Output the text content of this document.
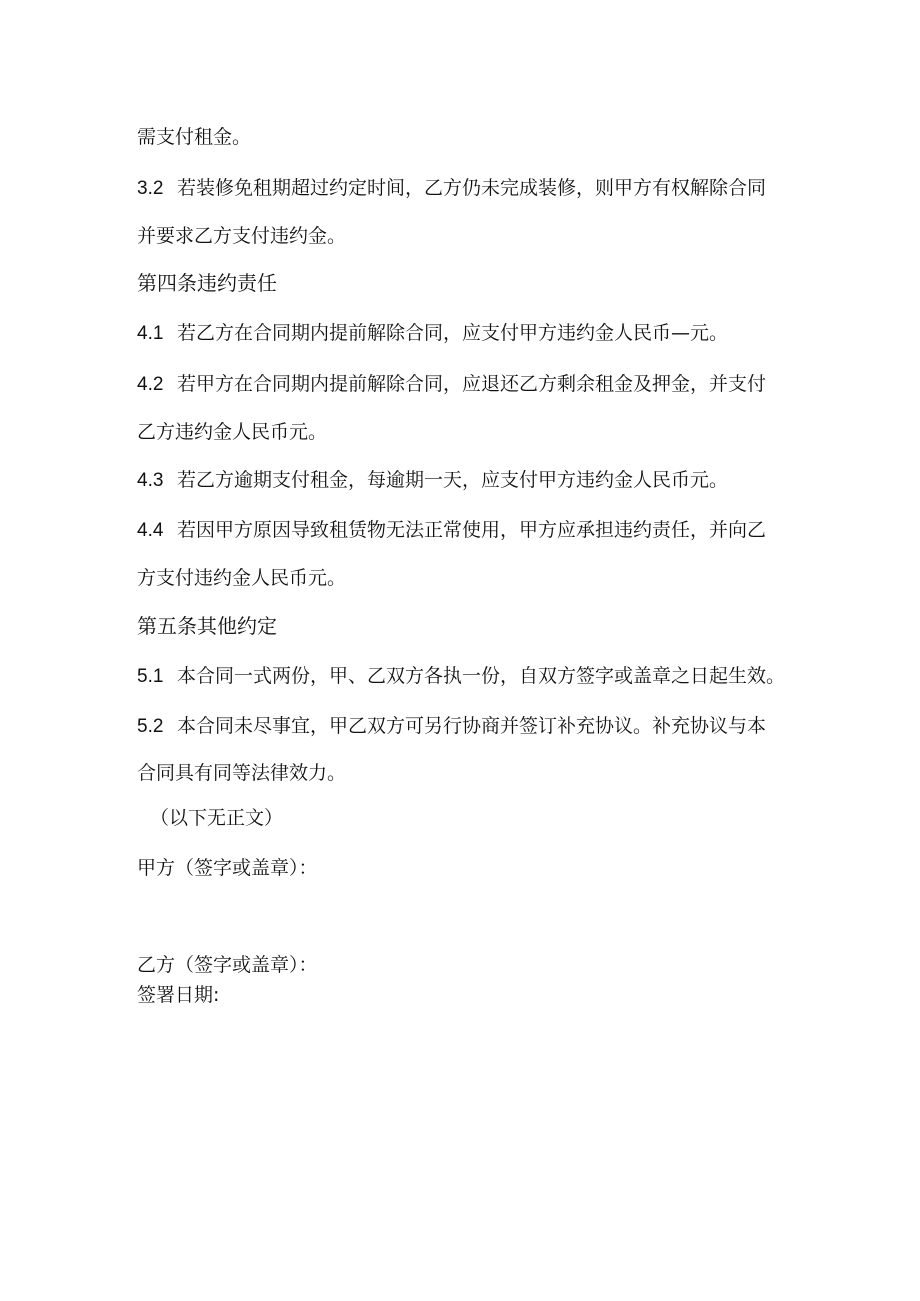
需支付租金。
3.2 若装修免租期超过约定时间，乙方仍未完成装修，则甲方有权解除合同
并要求乙方支付违约金。
第四条违约责任
4.1 若乙方在合同期内提前解除合同，应支付甲方违约金人民币—元。
4.2 若甲方在合同期内提前解除合同，应退还乙方剩余租金及押金，并支付
乙方违约金人民币元。
4.3 若乙方逾期支付租金，每逾期一天，应支付甲方违约金人民币元。
4.4 若因甲方原因导致租赁物无法正常使用，甲方应承担违约责任，并向乙
方支付违约金人民币元。
第五条其他约定
5.1 本合同一式两份，甲、乙双方各执一份，自双方签字或盖章之日起生效。
5.2 本合同未尽事宜，甲乙双方可另行协商并签订补充协议。补充协议与本
合同具有同等法律效力。
（以下无正文）
甲方（签字或盖章）：
乙方（签字或盖章）：
签署日期:
